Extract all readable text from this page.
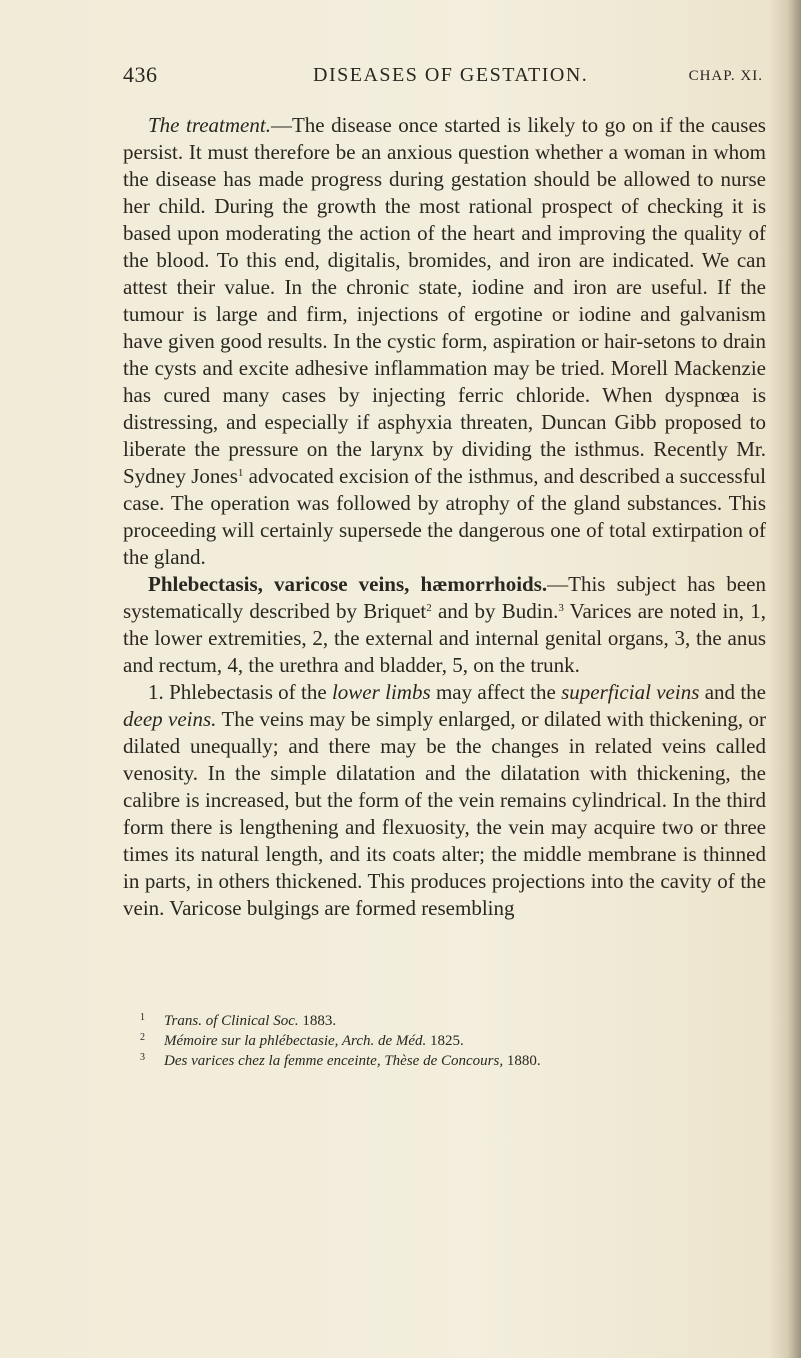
436	DISEASES OF GESTATION.	CHAP. XI.

The treatment.—The disease once started is likely to go on if the causes persist. It must therefore be an anxious question whether a woman in whom the disease has made progress during gestation should be allowed to nurse her child. During the growth the most rational prospect of checking it is based upon moderating the action of the heart and improving the quality of the blood. To this end, digitalis, bromides, and iron are indicated. We can attest their value. In the chronic state, iodine and iron are useful. If the tumour is large and firm, injections of ergotine or iodine and galvanism have given good results. In the cystic form, aspiration or hair-setons to drain the cysts and excite adhesive inflammation may be tried. Morell Mackenzie has cured many cases by injecting ferric chloride. When dyspnœa is distressing, and especially if asphyxia threaten, Duncan Gibb proposed to liberate the pressure on the larynx by dividing the isthmus. Recently Mr. Sydney Jones$^1$ advocated excision of the isthmus, and described a successful case. The operation was followed by atrophy of the gland substances. This proceeding will certainly supersede the dangerous one of total extirpation of the gland.

Phlebectasis, varicose veins, hæmorrhoids.—This subject has been systematically described by Briquet$^2$ and by Budin.$^3$ Varices are noted in, 1, the lower extremities, 2, the external and internal genital organs, 3, the anus and rectum, 4, the urethra and bladder, 5, on the trunk.

1. Phlebectasis of the lower limbs may affect the superficial veins and the deep veins. The veins may be simply enlarged, or dilated with thickening, or dilated unequally; and there may be the changes in related veins called venosity. In the simple dilatation and the dilatation with thickening, the calibre is increased, but the form of the vein remains cylindrical. In the third form there is lengthening and flexuosity, the vein may acquire two or three times its natural length, and its coats alter; the middle membrane is thinned in parts, in others thickened. This produces projections into the cavity of the vein. Varicose bulgings are formed resembling

1 Trans. of Clinical Soc. 1883.
2 Mémoire sur la phlébectasie, Arch. de Méd. 1825.
3 Des varices chez la femme enceinte, Thèse de Concours, 1880.
